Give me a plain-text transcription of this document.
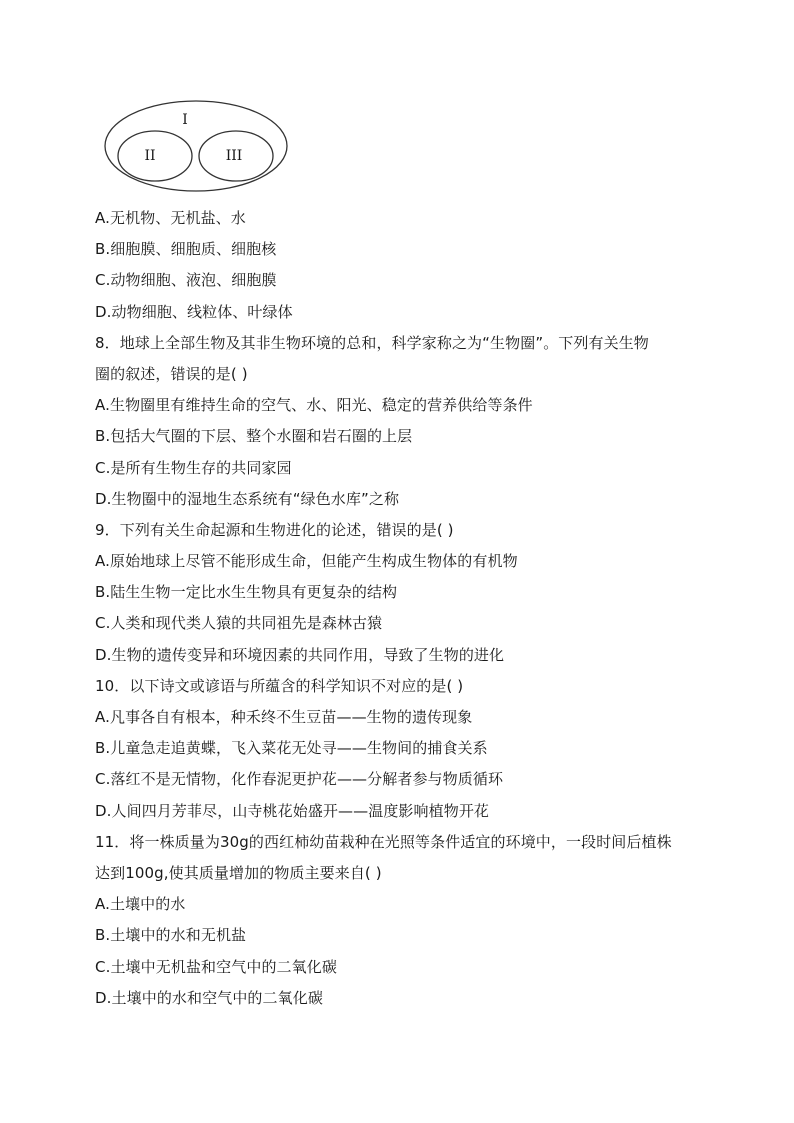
I
II	III
A.无机物、无机盐、水
B.细胞膜、细胞质、细胞核
C.动物细胞、液泡、细胞膜
D.动物细胞、线粒体、叶绿体
8．地球上全部生物及其非生物环境的总和，科学家称之为“生物圈”。下列有关生物
圈的叙述，错误的是( )
A.生物圈里有维持生命的空气、水、阳光、稳定的营养供给等条件
B.包括大气圈的下层、整个水圈和岩石圈的上层
C.是所有生物生存的共同家园
D.生物圈中的湿地生态系统有“绿色水库”之称
9．下列有关生命起源和生物进化的论述，错误的是( )
A.原始地球上尽管不能形成生命，但能产生构成生物体的有机物
B.陆生生物一定比水生生物具有更复杂的结构
C.人类和现代类人猿的共同祖先是森林古猿
D.生物的遗传变异和环境因素的共同作用，导致了生物的进化
10．以下诗文或谚语与所蕴含的科学知识不对应的是( )
A.凡事各自有根本，种禾终不生豆苗——生物的遗传现象
B.儿童急走追黄蝶，飞入菜花无处寻——生物间的捕食关系
C.落红不是无情物，化作春泥更护花——分解者参与物质循环
D.人间四月芳菲尽，山寺桃花始盛开——温度影响植物开花
11．将一株质量为30g的西红柿幼苗栽种在光照等条件适宜的环境中，一段时间后植株
达到100g,使其质量增加的物质主要来自( )
A.土壤中的水
B.土壤中的水和无机盐
C.土壤中无机盐和空气中的二氧化碳
D.土壤中的水和空气中的二氧化碳
